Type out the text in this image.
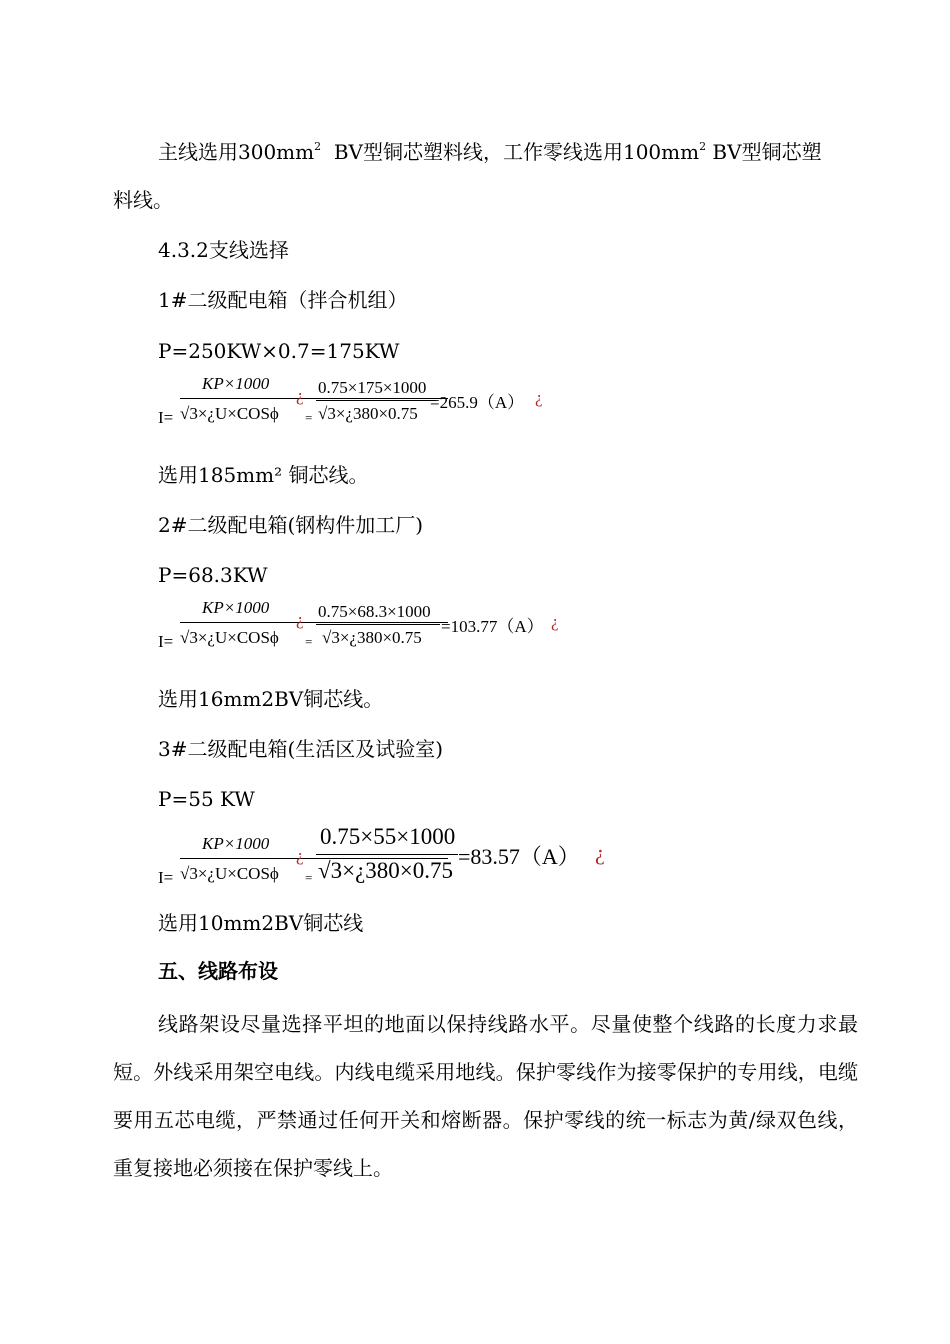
主线选用$300mm^2$  BV型铜芯塑料线，工作零线选用$100mm^2$ BV型铜芯塑
料线。
4.3.2支线选择
1#二级配电箱（拌合机组）
P=250KW×0.7=175KW
KP×1000
I= √3×¿U×COSϕ
¿
=
0.75×175×1000
√3×¿380×0.75
=265.9（A） ¿
选用185mm² 铜芯线。
2#二级配电箱(钢构件加工厂)
P=68.3KW
KP×1000
I= √3×¿U×COSϕ
¿
=
0.75×68.3×1000
√3×¿380×0.75
=103.77（A） ¿
选用16mm2BV铜芯线。
3#二级配电箱(生活区及试验室)
P=55 KW
KP×1000
I= √3×¿U×COSϕ
¿
=
0.75×55×1000
√3×¿380×0.75
=83.57（A） ¿
选用10mm2BV铜芯线
五、线路布设
线路架设尽量选择平坦的地面以保持线路水平。尽量使整个线路的长度力求最短。外线采用架空电线。内线电缆采用地线。保护零线作为接零保护的专用线，电缆要用五芯电缆，严禁通过任何开关和熔断器。保护零线的统一标志为黄/绿双色线，重复接地必须接在保护零线上。
